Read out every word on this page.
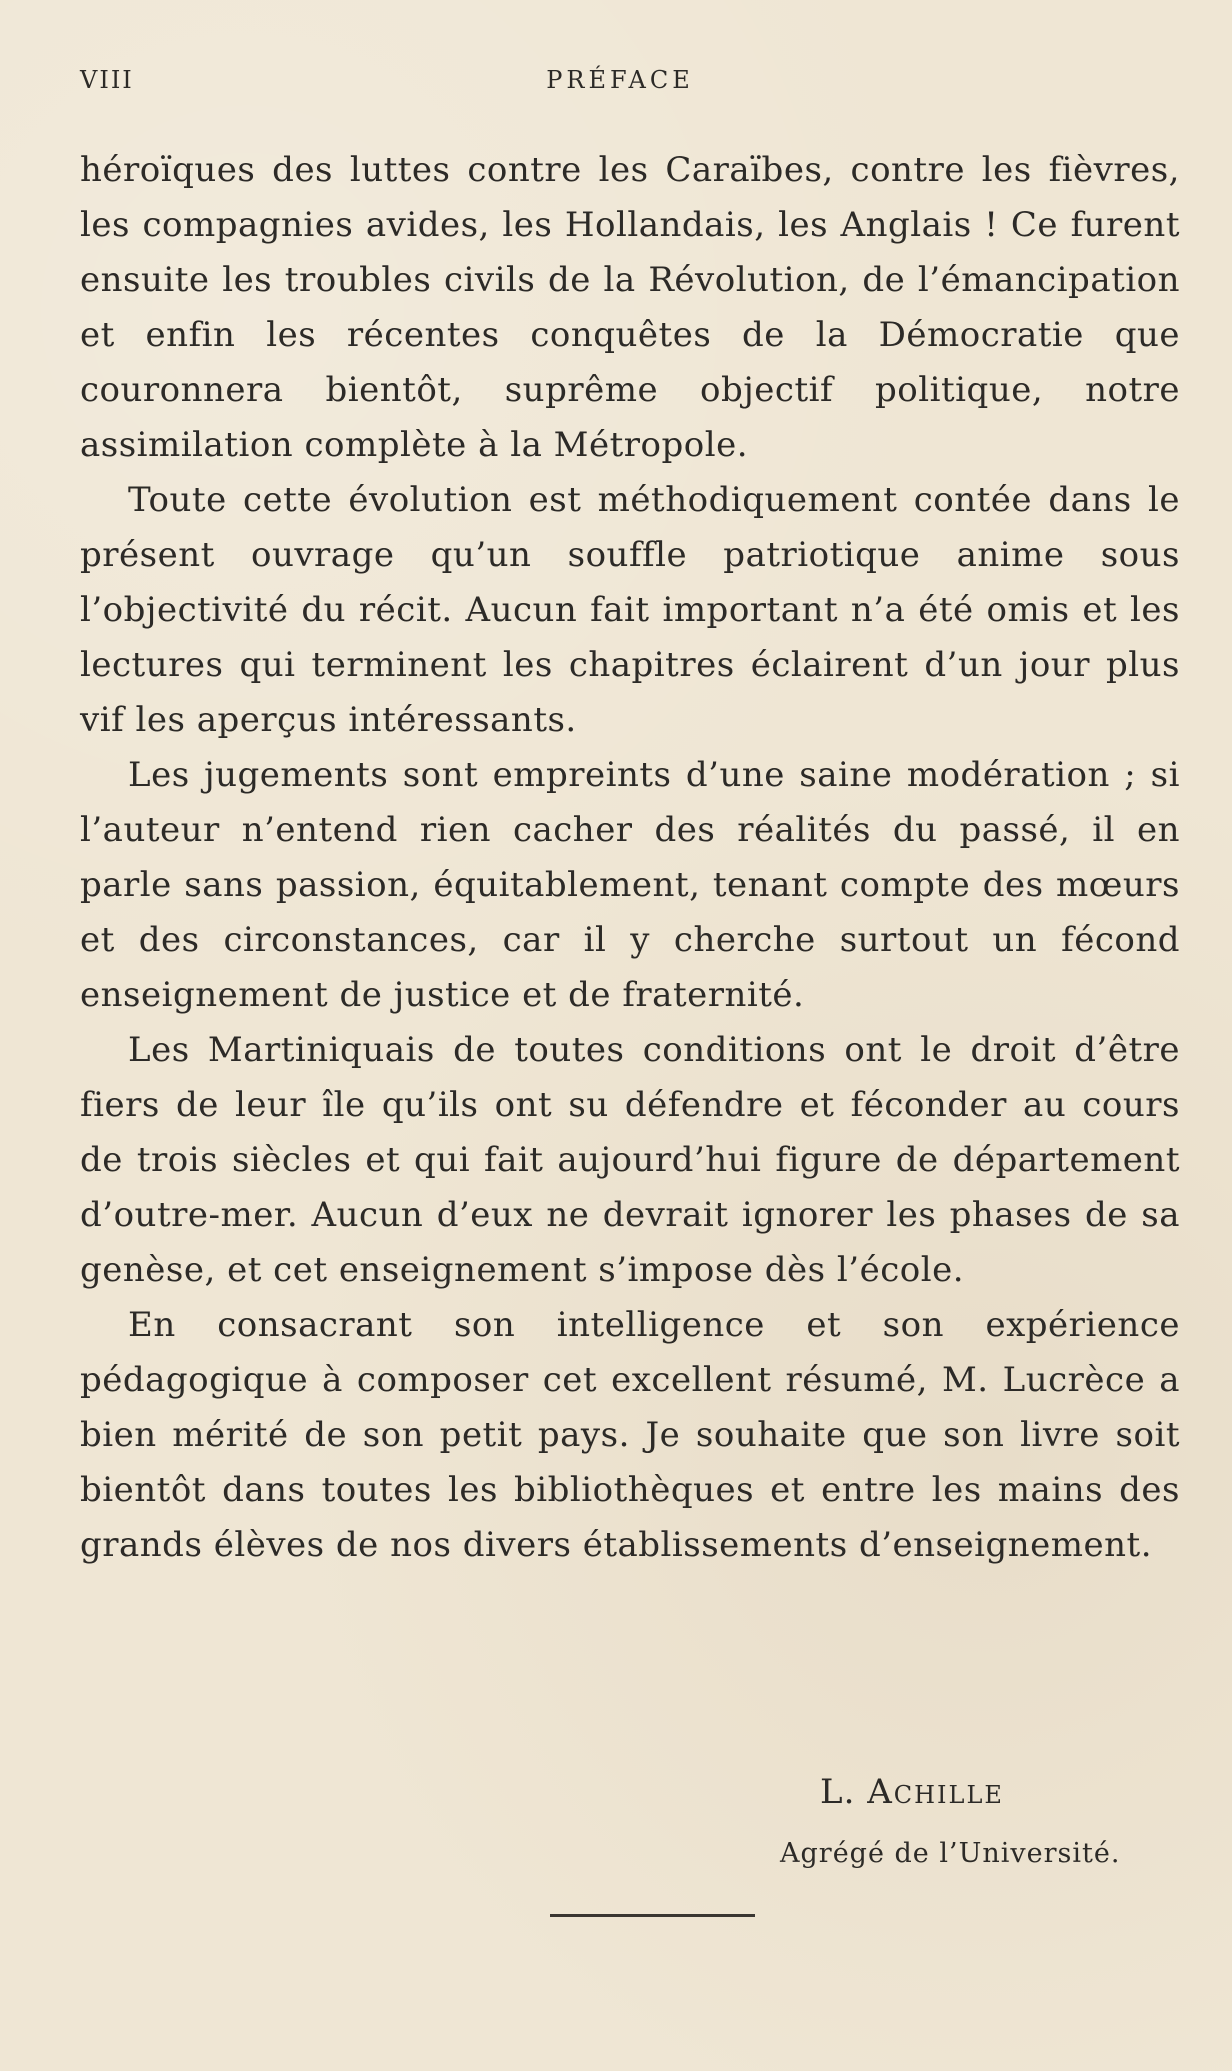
VIII	PRÉFACE

héroïques des luttes contre les Caraïbes, contre les fièvres, les compagnies avides, les Hollandais, les Anglais ! Ce furent ensuite les troubles civils de la Révolution, de l’émancipation et enfin les récentes conquêtes de la Démocratie que couronnera bientôt, suprême objectif politique, notre assimilation complète à la Métropole.

Toute cette évolution est méthodiquement contée dans le présent ouvrage qu’un souffle patriotique anime sous l’objectivité du récit. Aucun fait important n’a été omis et les lectures qui terminent les chapitres éclairent d’un jour plus vif les aperçus intéressants.

Les jugements sont empreints d’une saine modération ; si l’auteur n’entend rien cacher des réalités du passé, il en parle sans passion, équitablement, tenant compte des mœurs et des circonstances, car il y cherche surtout un fécond enseignement de justice et de fraternité.

Les Martiniquais de toutes conditions ont le droit d’être fiers de leur île qu’ils ont su défendre et féconder au cours de trois siècles et qui fait aujourd’hui figure de département d’outre-mer. Aucun d’eux ne devrait ignorer les phases de sa genèse, et cet enseignement s’impose dès l’école.

En consacrant son intelligence et son expérience pédagogique à composer cet excellent résumé, M. Lucrèce a bien mérité de son petit pays. Je souhaite que son livre soit bientôt dans toutes les bibliothèques et entre les mains des grands élèves de nos divers établissements d’enseignement.

L. Achille
Agrégé de l’Université.
